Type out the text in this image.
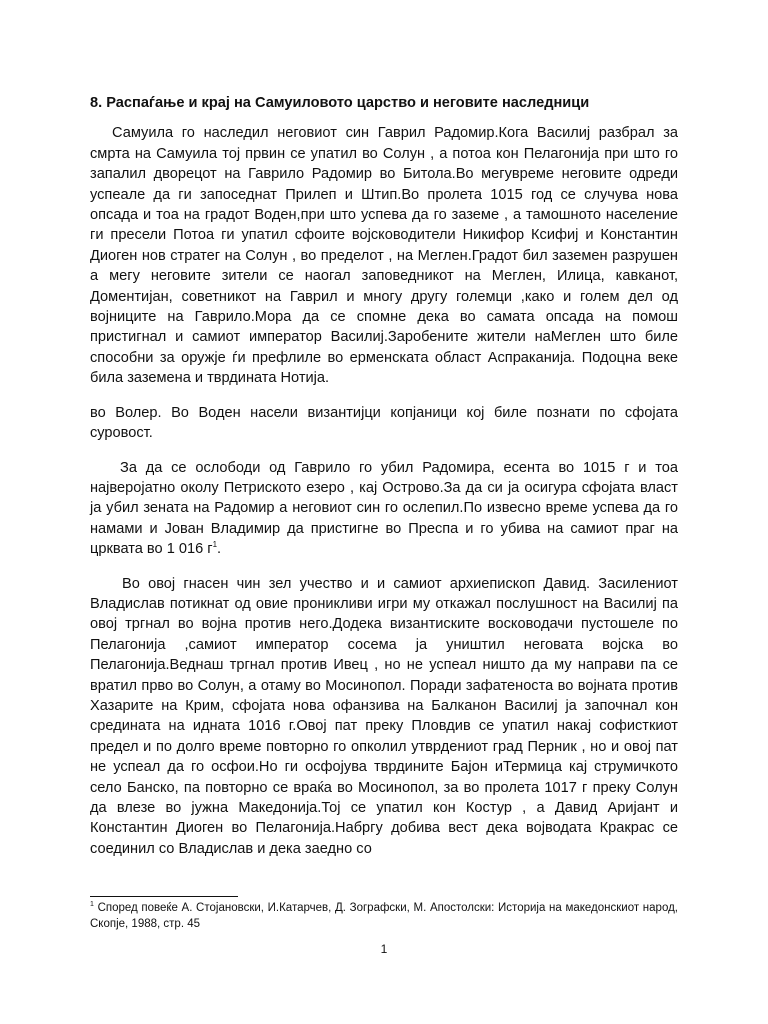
8. Распаѓање и крај на Самуиловото царство и неговите наследници

Самуила го наследил неговиот син Гаврил Радомир.Кога Василиј разбрал за смрта на Самуила тој првин се упатил во Солун , а потоа кон Пелагонија при што го запалил дворецот на Гаврило Радомир во Битола.Во мегувреме неговите одреди успеале да ги запоседнат Прилеп и Штип.Во пролета 1015 год се случува нова опсада и тоа на градот Воден,при што успева да го заземе , а тамошното население ги пресели Потоа ги упатил сфоите војсководители Никифор Ксифиј и Константин Диоген нов стратег на Солун , во пределот , на Меглен.Градот бил заземен разрушен а мегу неговите зители се наогал заповедникот на Меглен, Илица, кавканот, Доментијан, советникот на Гаврил и многу другу големци ,како и голем дел од војниците на Гаврило.Мора да се спомне дека во самата опсада на помош пристигнал и самиот император Василиј.Заробените жители наМеглен што биле способни за оружје ѓи префлиле во ерменската област Аспраканија. Подоцна веке била заземена и тврдината Нотија.

во Волер. Во Воден насели византијци копјаници кој биле познати по сфојата суровост.

За да се ослободи од Гаврило го убил Радомира, есента во 1015 г и тоа најверојатно околу Петриското езеро , кај Острово.За да си ја осигура сфојата власт ја убил зената на Радомир а неговиот син го ослепил.По извесно време успева да го намами и Јован Владимир да пристигне во Преспа и го убива на самиот праг на црквата во 1 016 $г^1$.

Во овој гнасен чин зел учество и и самиот архиепископ Давид. Засилениот Владислав потикнат од овие проникливи игри му откажал послушност на Василиј па овој тргнал во војна против него.Додека византиските восководачи пустошеле по Пелагонија ,самиот император сосема ја уништил неговата војска во Пелагонија.Веднаш тргнал против Ивец , но не успеал ништо да му направи па се вратил прво во Солун, а отаму во Мосинопол. Поради зафатеноста во војната против Хазарите на Крим, сфојата нова офанзива на Балканон Василиј ја започнал кон средината на идната 1016 г.Овој пат преку Пловдив се упатил накај софисткиот предел и по долго време повторно го опколил утврдениот град Перник , но и овој пат не успеал да го осфои.Но ги осфојува тврдините Бајон иТермица кај струмичкото село Банско, па повторно се враќа во Мосинопол, за во пролета 1017 г преку Солун да влезе во јужна Македонија.Тој се упатил кон Костур , а Давид Аријант и Константин Диоген во Пелагонија.Набргу добива вест дека војводата Кракрас се соединил со Владислав и дека заедно со

$^1$ Според повеќе А. Стојановски, И.Катарчев, Д. Зографски, М. Апостолски: Историја на македонскиот народ, Скопје, 1988, стр. 45
1
